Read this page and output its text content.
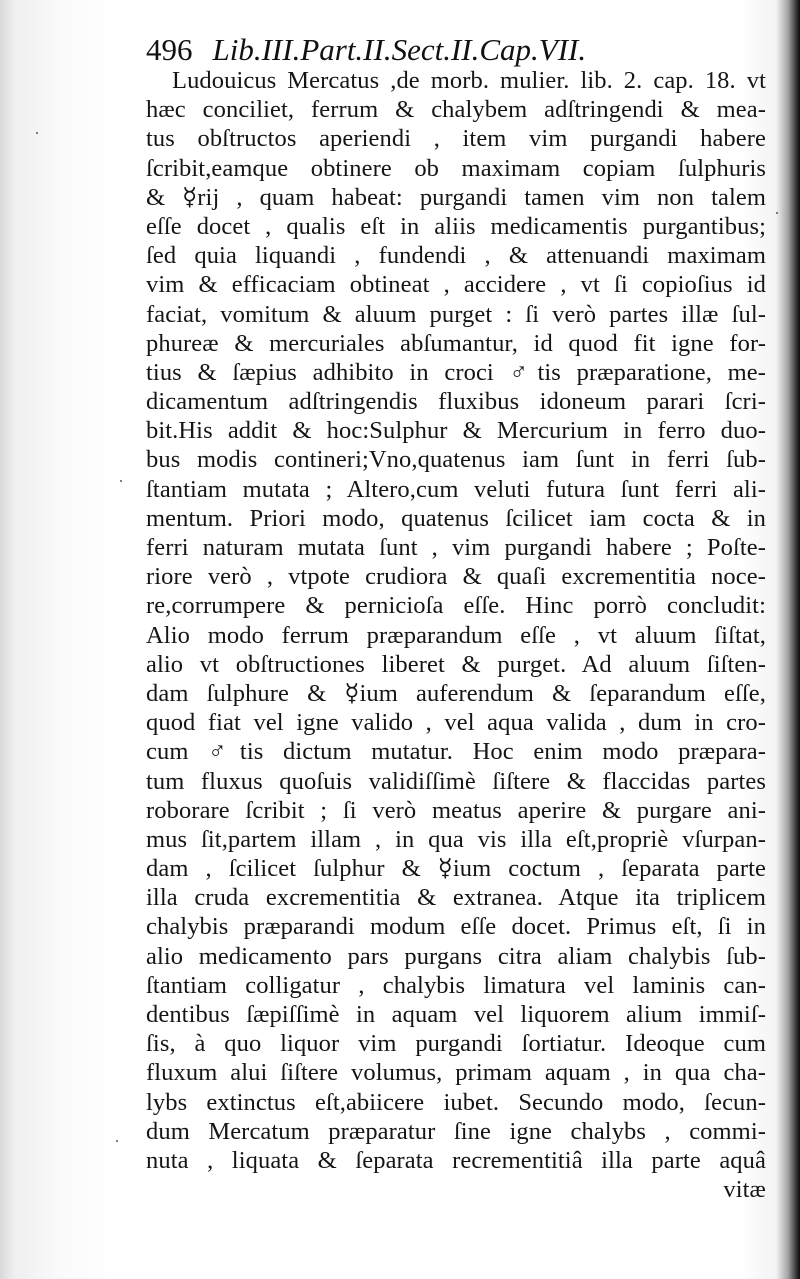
496 Lib.III.Part.II.Sect.II.Cap.VII.
Ludouicus Mercatus ,de morb. mulier. lib. 2. cap. 18. vt
hæc conciliet, ferrum & chalybem adſtringendi & mea-
tus obſtructos aperiendi , item vim purgandi habere
ſcribit,eamque obtinere ob maximam copiam ſulphuris
& ☿rij , quam habeat: purgandi tamen vim non talem
eſſe docet , qualis eſt in aliis medicamentis purgantibus;
ſed quia liquandi , fundendi , & attenuandi maximam
vim & efficaciam obtineat , accidere , vt ſi copioſius id
faciat, vomitum & aluum purget : ſi verò partes illæ ſul-
phureæ & mercuriales abſumantur, id quod fit igne for-
tius & ſæpius adhibito in croci ♂tis præparatione, me-
dicamentum adſtringendis fluxibus idoneum parari ſcri-
bit.His addit & hoc:Sulphur & Mercurium in ferro duo-
bus modis contineri;Vno,quatenus iam ſunt in ferri ſub-
ſtantiam mutata ; Altero,cum veluti futura ſunt ferri ali-
mentum. Priori modo, quatenus ſcilicet iam cocta & in
ferri naturam mutata ſunt , vim purgandi habere ; Poſte-
riore verò , vtpote crudiora & quaſi excrementitia noce-
re,corrumpere & pernicioſa eſſe. Hinc porrò concludit:
Alio modo ferrum præparandum eſſe , vt aluum ſiſtat,
alio vt obſtructiones liberet & purget. Ad aluum ſiſten-
dam ſulphure & ☿ium auferendum & ſeparandum eſſe,
quod fiat vel igne valido , vel aqua valida , dum in cro-
cum ♂tis dictum mutatur. Hoc enim modo præpara-
tum fluxus quoſuis validiſſimè ſiſtere & flaccidas partes
roborare ſcribit ; ſi verò meatus aperire & purgare ani-
mus ſit,partem illam , in qua vis illa eſt,propriè vſurpan-
dam , ſcilicet ſulphur & ☿ium coctum , ſeparata parte
illa cruda excrementitia & extranea. Atque ita triplicem
chalybis præparandi modum eſſe docet. Primus eſt, ſi in
alio medicamento pars purgans citra aliam chalybis ſub-
ſtantiam colligatur , chalybis limatura vel laminis can-
dentibus ſæpiſſimè in aquam vel liquorem alium immiſ-
ſis, à quo liquor vim purgandi ſortiatur. Ideoque cum
fluxum alui ſiſtere volumus, primam aquam , in qua cha-
lybs extinctus eſt,abiicere iubet. Secundo modo, ſecun-
dum Mercatum præparatur ſine igne chalybs , commi-
nuta , liquata & ſeparata recrementitiâ illa parte aquâ
vitæ
